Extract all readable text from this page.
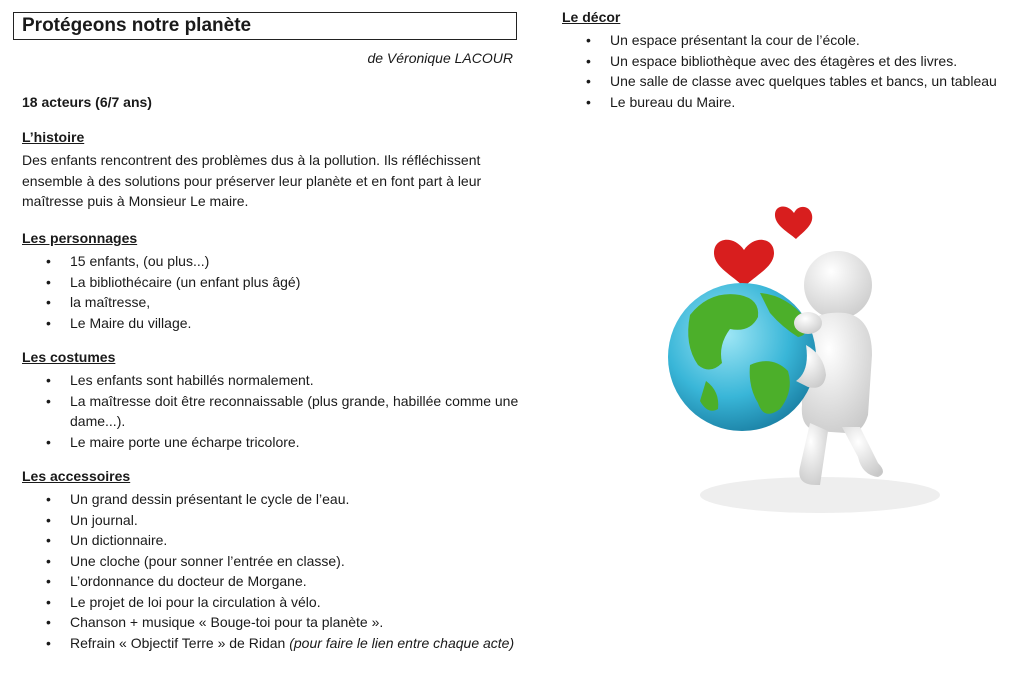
Protégeons notre planète
de Véronique LACOUR
18 acteurs (6/7 ans)
L’histoire

Des enfants rencontrent des problèmes dus à la pollution. Ils réfléchissent ensemble à des solutions pour préserver leur planète et en font part à leur maîtresse puis à Monsieur Le maire.

Les personnages
• 15 enfants, (ou plus...)
• La bibliothécaire (un enfant plus âgé)
• la maîtresse,
• Le Maire du village.
Les costumes
• Les enfants sont habillés normalement.
• La maîtresse doit être reconnaissable (plus grande, habillée comme une dame...).
• Le maire porte une écharpe tricolore.
Les accessoires
• Un grand dessin présentant le cycle de l’eau.
• Un journal.
• Un dictionnaire.
• Une cloche (pour sonner l’entrée en classe).
• L’ordonnance du docteur de Morgane.
• Le projet de loi pour la circulation à vélo.
• Chanson + musique « Bouge-toi pour ta planète ».
• Refrain « Objectif Terre » de Ridan (pour faire le lien entre chaque acte)
Le décor
• Un espace présentant la cour de l’école.
• Un espace bibliothèque avec des étagères et des livres.
• Une salle de classe avec quelques tables et bancs, un tableau
• Le bureau du Maire.
